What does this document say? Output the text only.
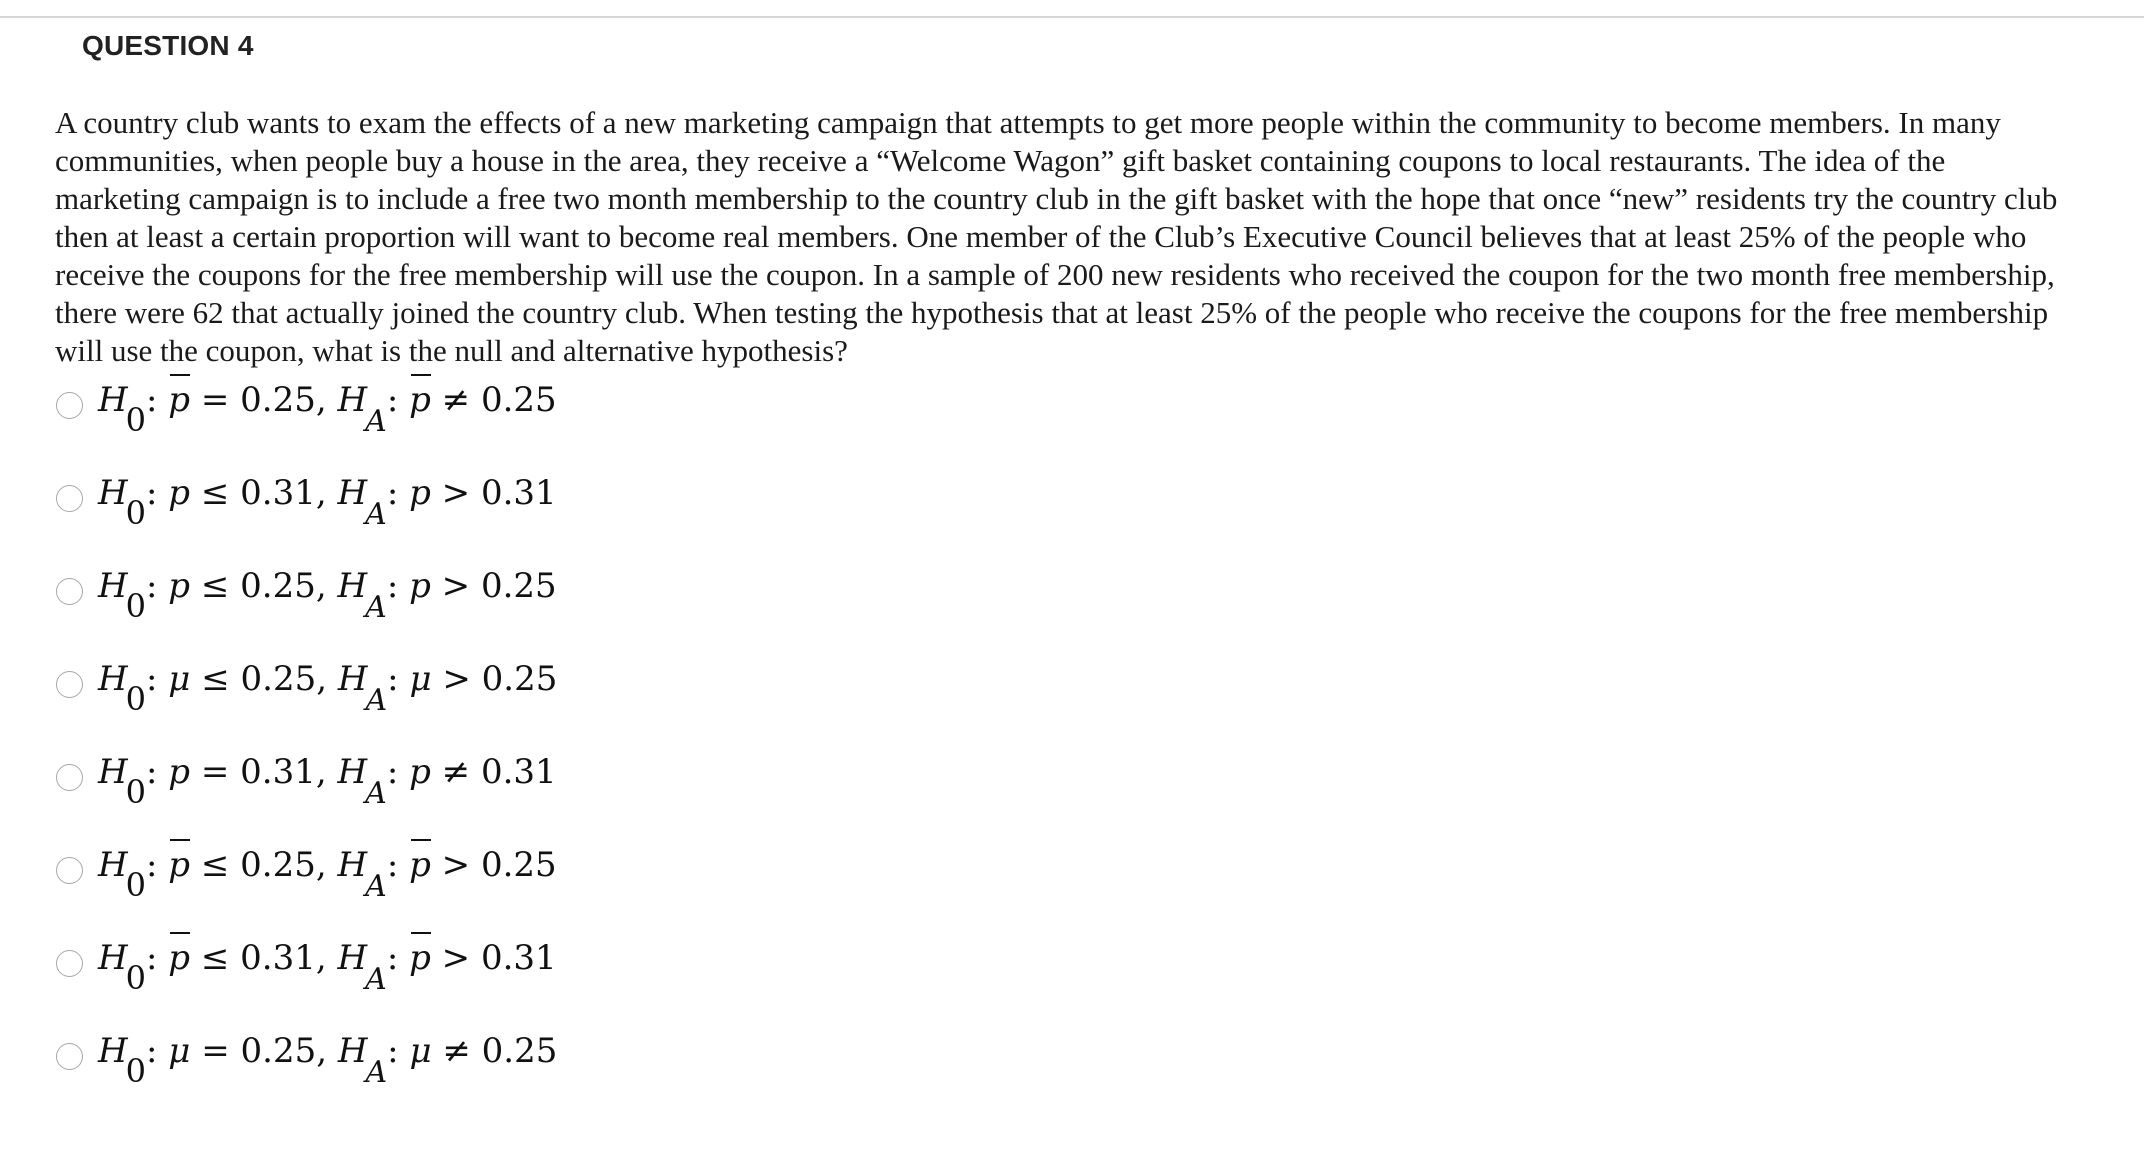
QUESTION 4
A country club wants to exam the effects of a new marketing campaign that attempts to get more people within the community to become members. In many communities, when people buy a house in the area, they receive a “Welcome Wagon” gift basket containing coupons to local restaurants. The idea of the marketing campaign is to include a free two month membership to the country club in the gift basket with the hope that once “new” residents try the country club then at least a certain proportion will want to become real members. One member of the Club’s Executive Council believes that at least 25% of the people who receive the coupons for the free membership will use the coupon. In a sample of 200 new residents who received the coupon for the two month free membership, there were 62 that actually joined the country club. When testing the hypothesis that at least 25% of the people who receive the coupons for the free membership will use the coupon, what is the null and alternative hypothesis?
H0: p = 0.25, HA: p ≠ 0.25
H0: p ≤ 0.31, HA: p > 0.31
H0: p ≤ 0.25, HA: p > 0.25
H0: μ ≤ 0.25, HA: μ > 0.25
H0: p = 0.31, HA: p ≠ 0.31
H0: p ≤ 0.25, HA: p > 0.25
H0: p ≤ 0.31, HA: p > 0.31
H0: μ = 0.25, HA: μ ≠ 0.25
